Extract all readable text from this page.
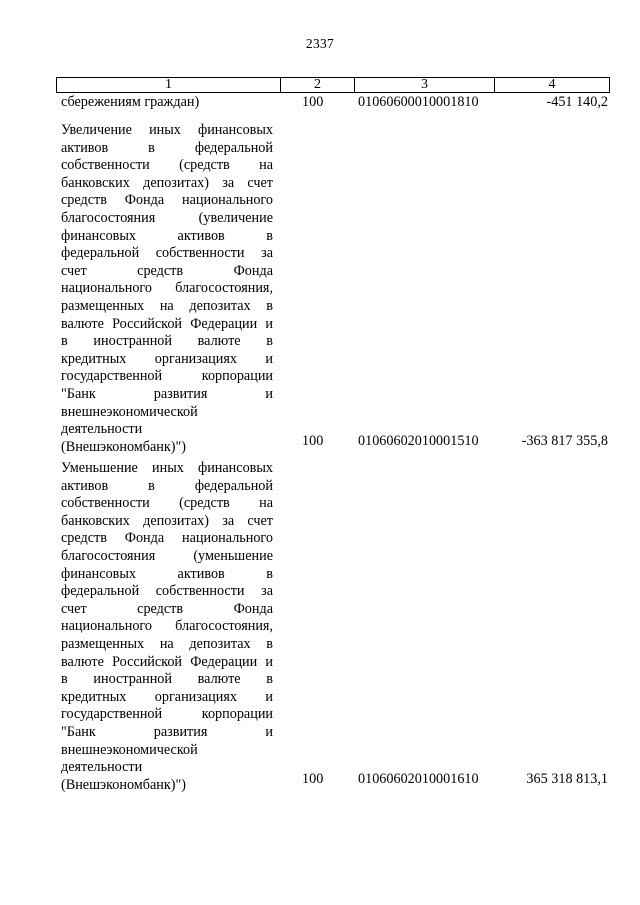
2337
1	2	3	4
сбережениям граждан)	100 01060600010001810	-451 140,2
Увеличение иных финансовых
активов в федеральной
собственности (средств на
банковских депозитах) за счет
средств Фонда национального
благосостояния (увеличение
финансовых активов в
федеральной собственности за
счет средств Фонда
национального благосостояния,
размещенных на депозитах в
валюте Российской Федерации и
в иностранной валюте в
кредитных организациях и
государственной корпорации
"Банк развития и
внешнеэкономической
деятельности
(Внешэкономбанк)")	100 01060602010001510	-363 817 355,8
Уменьшение иных финансовых
активов в федеральной
собственности (средств на
банковских депозитах) за счет
средств Фонда национального
благосостояния (уменьшение
финансовых активов в
федеральной собственности за
счет средств Фонда
национального благосостояния,
размещенных на депозитах в
валюте Российской Федерации и
в иностранной валюте в
кредитных организациях и
государственной корпорации
"Банк развития и
внешнеэкономической
деятельности
(Внешэкономбанк)")	100 01060602010001610	365 318 813,1
